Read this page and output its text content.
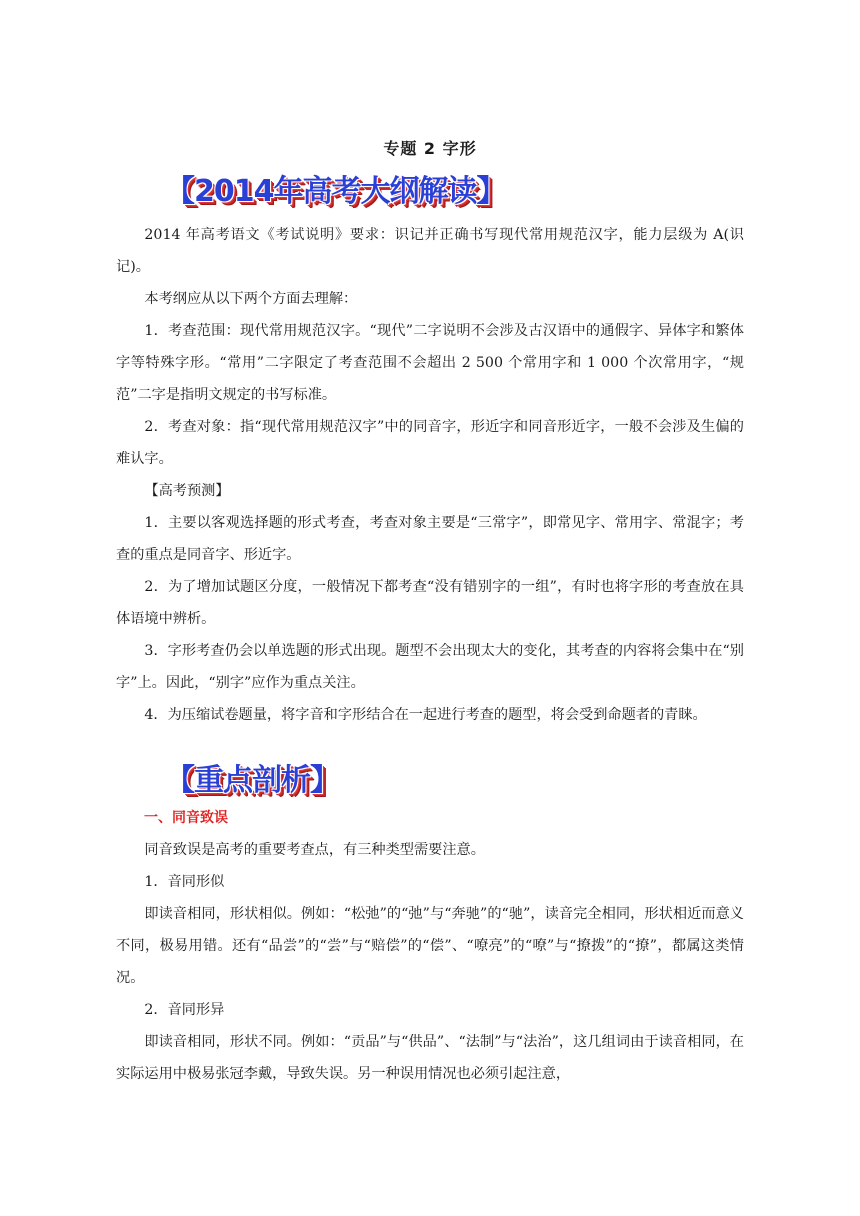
专题 2 字形
【2014年高考大纲解读】

2014 年高考语文《考试说明》要求：识记并正确书写现代常用规范汉字，能力层级为 A(识记)。

本考纲应从以下两个方面去理解：

1．考查范围：现代常用规范汉字。“现代”二字说明不会涉及古汉语中的通假字、异体字和繁体字等特殊字形。“常用”二字限定了考查范围不会超出 2 500 个常用字和 1 000 个次常用字，“规范”二字是指明文规定的书写标准。

2．考查对象：指“现代常用规范汉字”中的同音字，形近字和同音形近字，一般不会涉及生偏的难认字。

【高考预测】

1．主要以客观选择题的形式考查，考查对象主要是“三常字”，即常见字、常用字、常混字；考查的重点是同音字、形近字。

2．为了增加试题区分度，一般情况下都考查“没有错别字的一组”，有时也将字形的考查放在具体语境中辨析。

3．字形考查仍会以单选题的形式出现。题型不会出现太大的变化，其考查的内容将会集中在“别字”上。因此，“别字”应作为重点关注。

4．为压缩试卷题量，将字音和字形结合在一起进行考查的题型，将会受到命题者的青睐。

【重点剖析】

一、同音致误

同音致误是高考的重要考查点，有三种类型需要注意。

1．音同形似

即读音相同，形状相似。例如：“松弛”的“弛”与“奔驰”的“驰”，读音完全相同，形状相近而意义不同，极易用错。还有“品尝”的“尝”与“赔偿”的“偿”、“嘹亮”的“嘹”与“撩拨”的“撩”，都属这类情况。

2．音同形异

即读音相同，形状不同。例如：“贡品”与“供品”、“法制”与“法治”，这几组词由于读音相同，在实际运用中极易张冠李戴，导致失误。另一种误用情况也必须引起注意，
